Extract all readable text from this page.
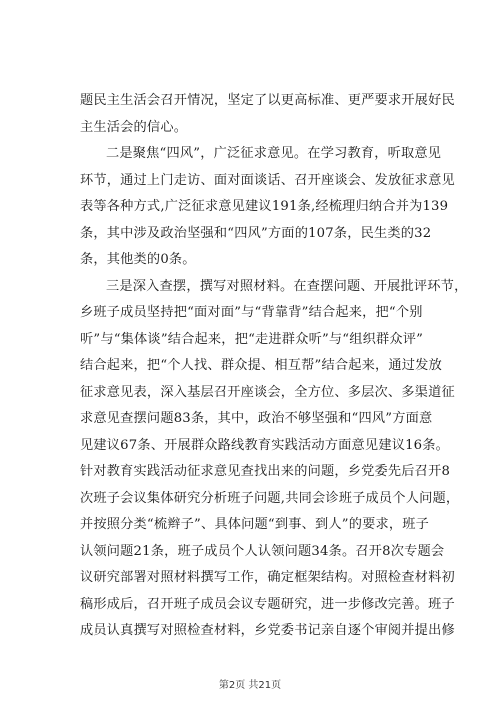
题民主生活会召开情况，坚定了以更高标准、更严要求开展好民
主生活会的信心。
二是聚焦“四风”，广泛征求意见。在学习教育，听取意见
环节，通过上门走访、面对面谈话、召开座谈会、发放征求意见
表等各种方式,广泛征求意见建议191条,经梳理归纳合并为139
条，其中涉及政治坚强和“四风”方面的107条，民生类的32
条，其他类的0条。
三是深入查摆，撰写对照材料。在查摆问题、开展批评环节，
乡班子成员坚持把“面对面”与“背靠背”结合起来，把“个别
听”与“集体谈”结合起来，把“走进群众听”与“组织群众评”
结合起来，把“个人找、群众提、相互帮”结合起来，通过发放
征求意见表，深入基层召开座谈会，全方位、多层次、多渠道征
求意见查摆问题83条，其中，政治不够坚强和“四风”方面意
见建议67条、开展群众路线教育实践活动方面意见建议16条。
针对教育实践活动征求意见查找出来的问题，乡党委先后召开8
次班子会议集体研究分析班子问题,共同会诊班子成员个人问题，
并按照分类“梳辫子”、具体问题“到事、到人”的要求，班子
认领问题21条，班子成员个人认领问题34条。召开8次专题会
议研究部署对照材料撰写工作，确定框架结构。对照检查材料初
稿形成后，召开班子成员会议专题研究，进一步修改完善。班子
成员认真撰写对照检查材料，乡党委书记亲自逐个审阅并提出修
第2页 共21页
